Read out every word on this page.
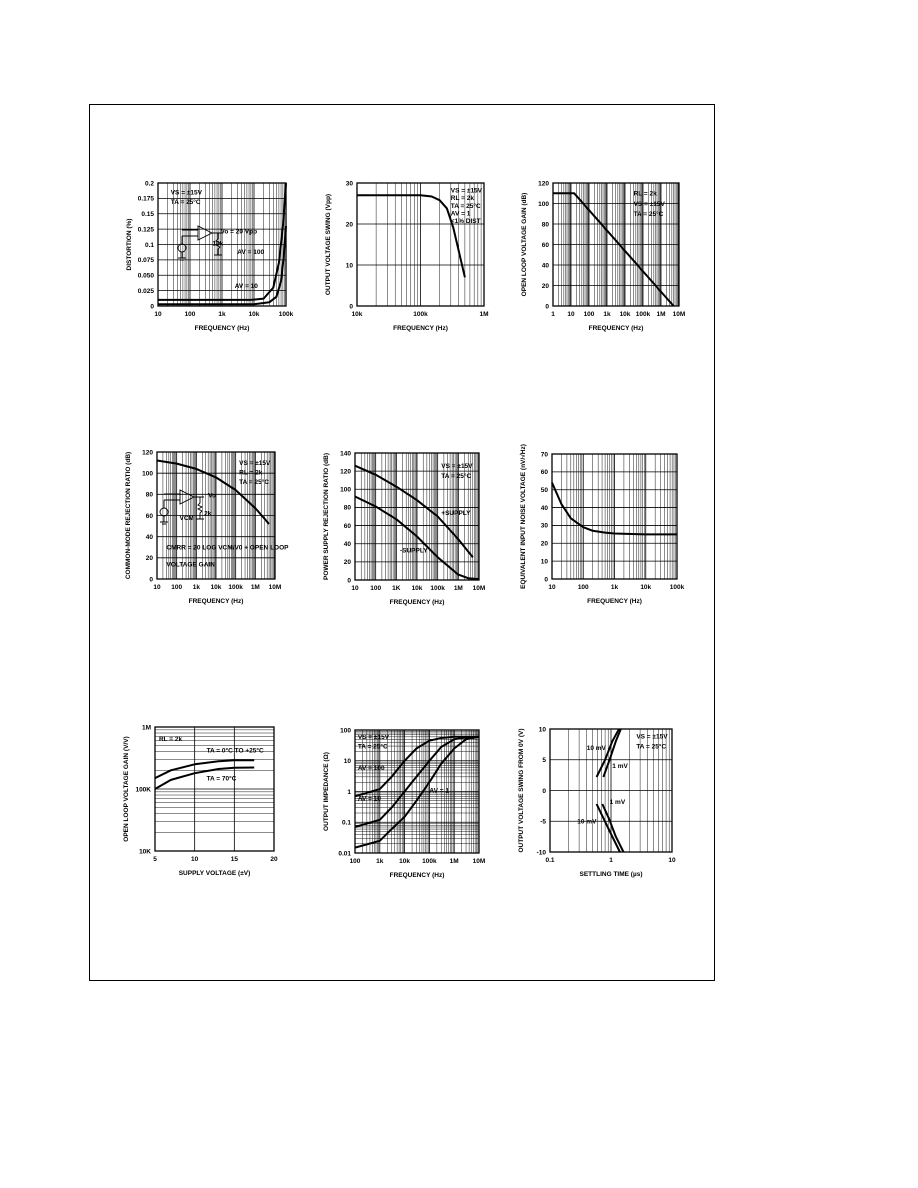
10	100	1k	10k	100k
0
0.025
0.050
0.075
0.1
0.125
0.15
0.175
0.2
VS = ±15V
TA = 25°C
Vo = 20 Vpp
10k
AV = 100
AV = 10
FREQUENCY (Hz)
DISTORTION (%)
10k	100k	1M
0
10
20
30
VS = ±15V
RL = 2k
TA = 25°C
AV = 1
<1% DIST
FREQUENCY (Hz)
OUTPUT VOLTAGE SWING (Vpp)
1 10 100 1k 10k 100k 1M 10M
0
20
40
60
80
100
120
RL = 2k
VS = ±15V
TA = 25°C
FREQUENCY (Hz)
OPEN LOOP VOLTAGE GAIN (dB)
10 100 1k 10k 100k 1M 10M
0
20
40
60
80
100
120
VS = ±15V
RL = 2k
TA = 25°C
Vo
VCM
2k
CMRR = 20 LOG VCM/V0 + OPEN LOOP
VOLTAGE GAIN
FREQUENCY (Hz)
COMMON-MODE REJECTION RATIO (dB)
10 100 1K 10k 100k 1M 10M
0
20
40
60
80
100
120
140
VS = ±15V
TA = 25°C
+SUPPLY
-SUPPLY
FREQUENCY (Hz)
POWER SUPPLY REJECTION RATIO (dB)
10	100	1k	10k	100k
0
10
20
30
40
50
60
70
FREQUENCY (Hz)
EQUIVALENT INPUT NOISE VOLTAGE (nV/√Hz)
5	10	15	20
10K
100K
1M
RL = 2k
TA = 0°C TO +25°C
TA = 70°C
SUPPLY VOLTAGE (±V)
OPEN LOOP VOLTAGE GAIN (V/V)
100 1k 10k 100k 1M 10M
0.01
0.1
1
10
100
VS = ±15V
TA = 25°C
AV = 100
AV = 10
AV = 1
FREQUENCY (Hz)
OUTPUT IMPEDANCE (Ω)
0.1	1	10
-10
-5
0
5
10
VS = ±15V
TA = 25°C
10 mV
1 mV
1 mV
10 mV
SETTLING TIME (µs)
OUTPUT VOLTAGE SWING FROM 0V (V)
